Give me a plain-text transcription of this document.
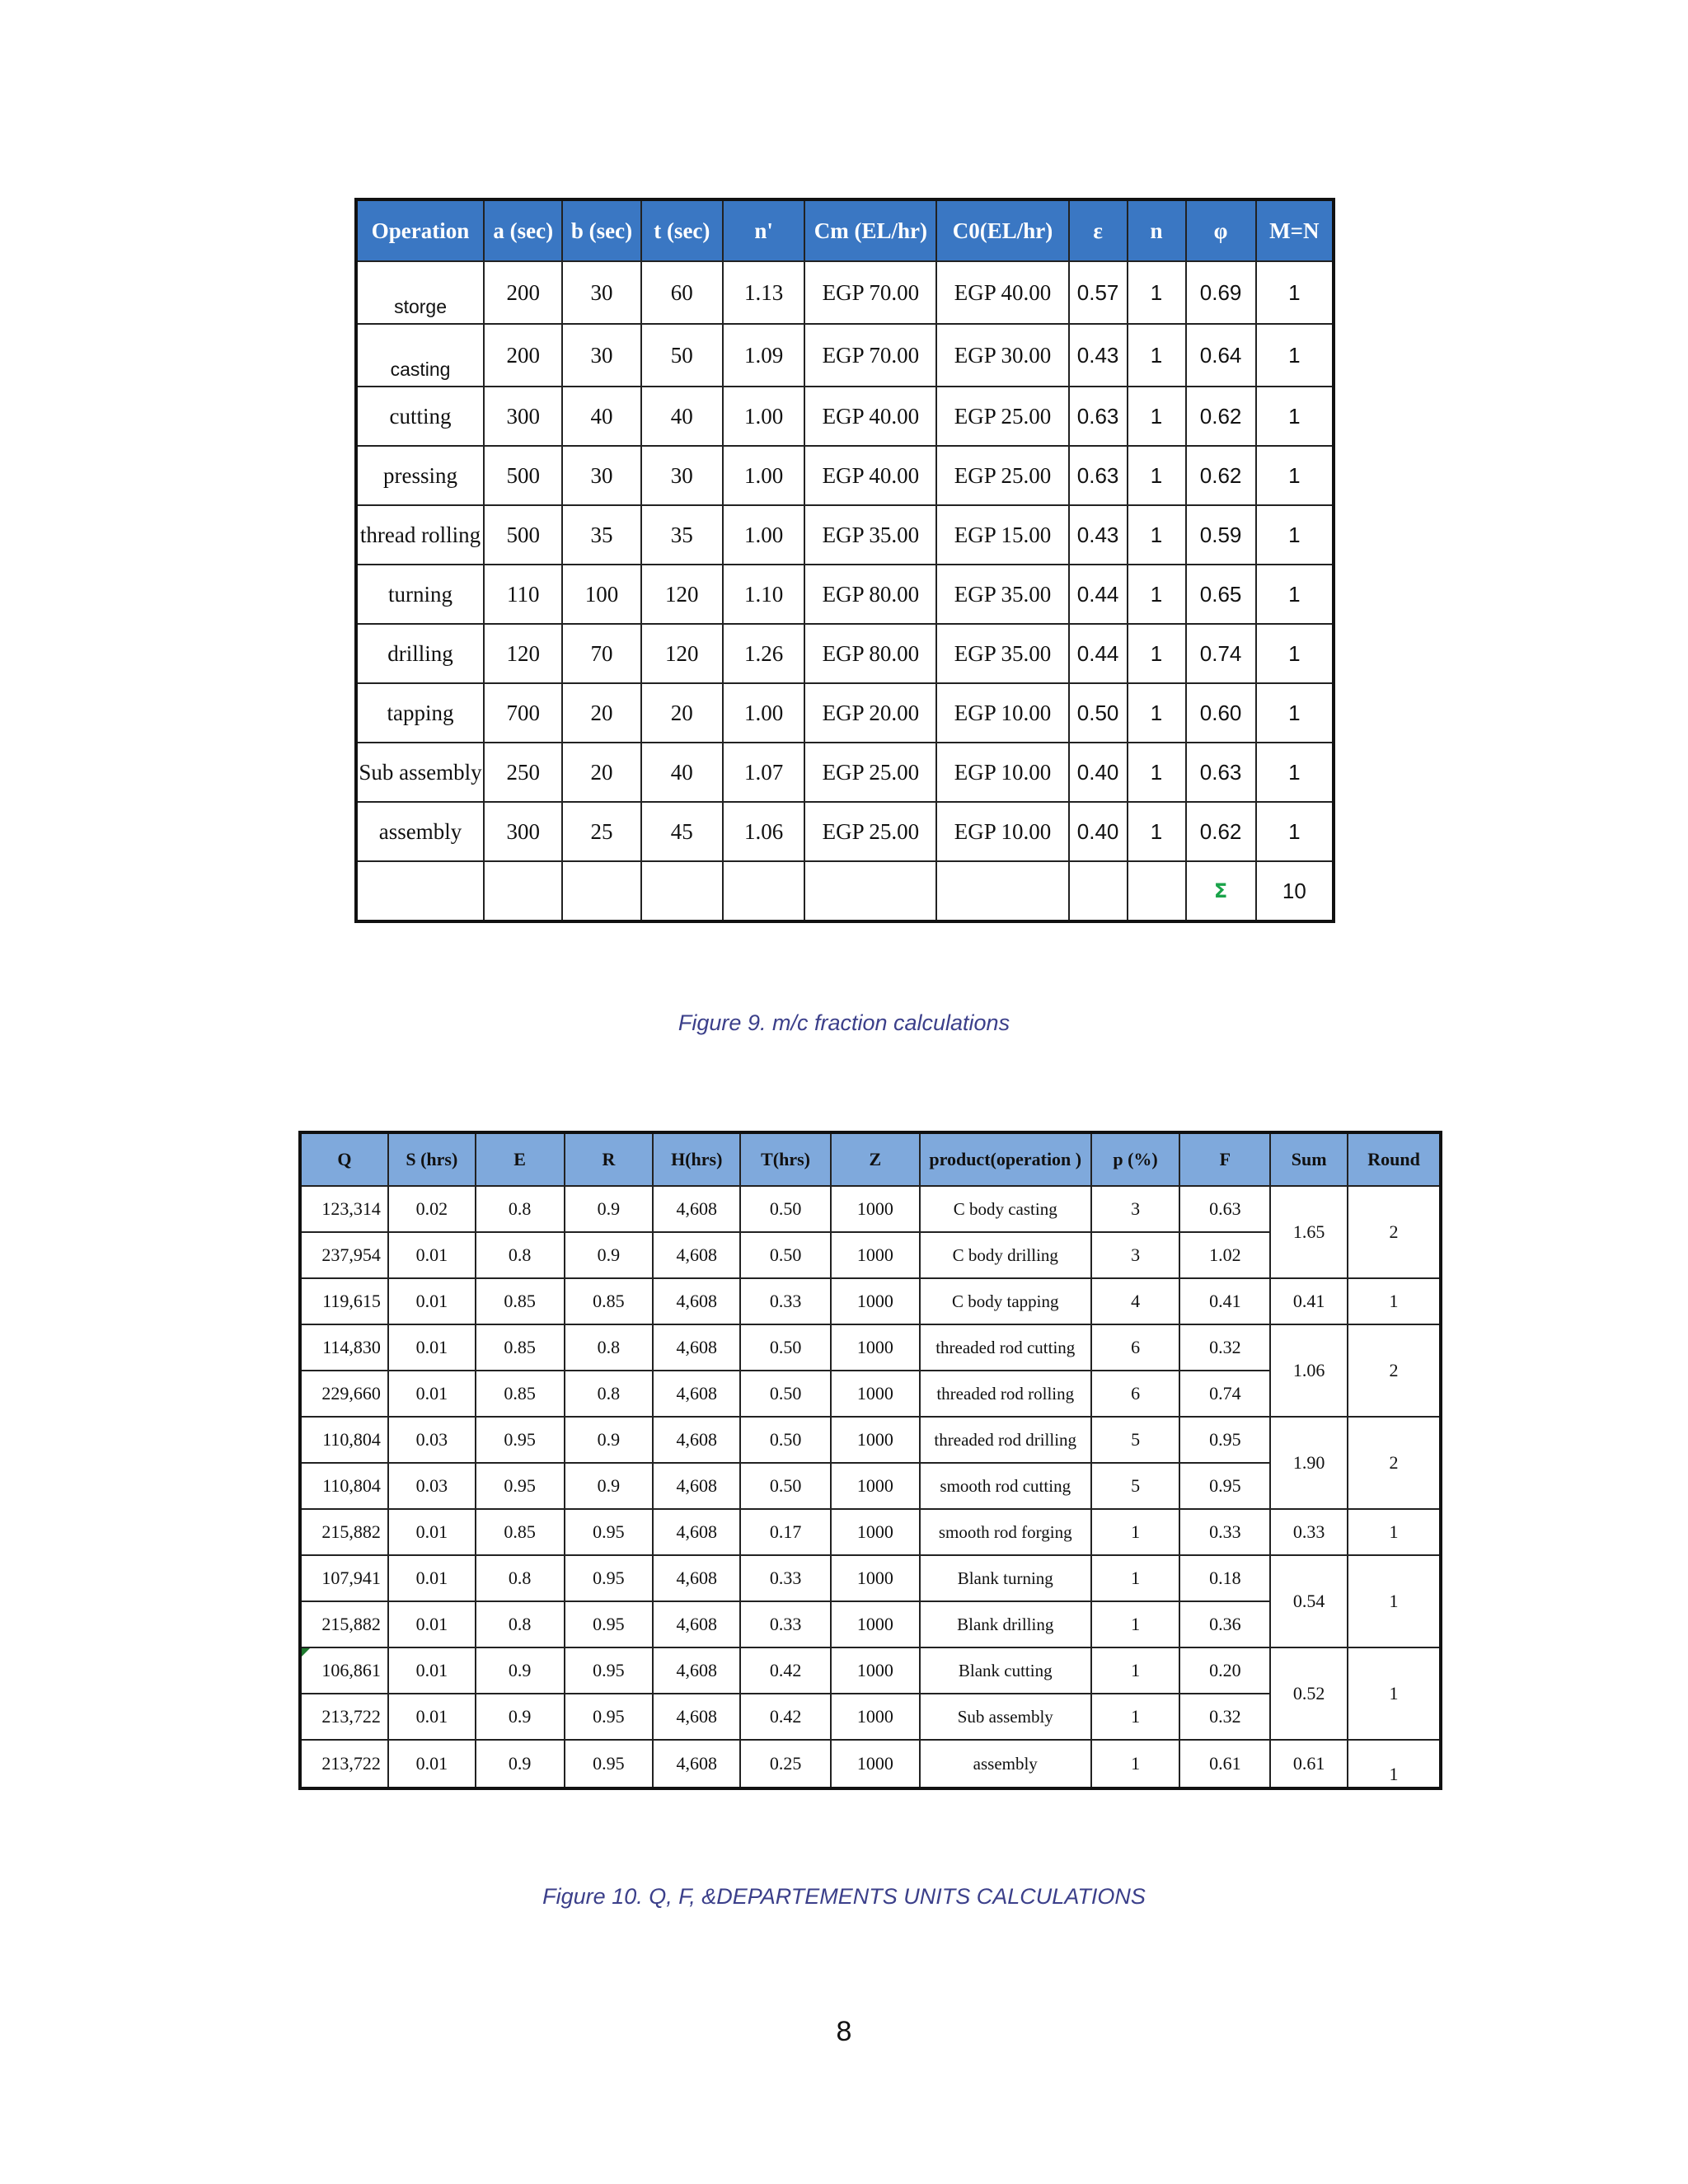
Operation	a (sec)	b (sec)	t (sec)	n'	Cm (EL/hr)	C0(EL/hr)	ε	n	φ	M=N
storge	200	30	60	1.13	EGP 70.00	EGP 40.00	0.57	1	0.69	1
casting	200	30	50	1.09	EGP 70.00	EGP 30.00	0.43	1	0.64	1
cutting	300	40	40	1.00	EGP 40.00	EGP 25.00	0.63	1	0.62	1
pressing	500	30	30	1.00	EGP 40.00	EGP 25.00	0.63	1	0.62	1
thread rolling	500	35	35	1.00	EGP 35.00	EGP 15.00	0.43	1	0.59	1
turning	110	100	120	1.10	EGP 80.00	EGP 35.00	0.44	1	0.65	1
drilling	120	70	120	1.26	EGP 80.00	EGP 35.00	0.44	1	0.74	1
tapping	700	20	20	1.00	EGP 20.00	EGP 10.00	0.50	1	0.60	1
Sub assembly	250	20	40	1.07	EGP 25.00	EGP 10.00	0.40	1	0.63	1
assembly	300	25	45	1.06	EGP 25.00	EGP 10.00	0.40	1	0.62	1
									Σ	10
Figure 9. m/c fraction calculations
Q	S (hrs)	E	R	H(hrs)	T(hrs)	Z	product(operation )	p (%)	F	Sum	Round
123,314	0.02	0.8	0.9	4,608	0.50	1000	C body casting	3	0.63	1.65	2
237,954	0.01	0.8	0.9	4,608	0.50	1000	C body drilling	3	1.02		
119,615	0.01	0.85	0.85	4,608	0.33	1000	C body tapping	4	0.41	0.41	1
114,830	0.01	0.85	0.8	4,608	0.50	1000	threaded rod cutting	6	0.32	1.06	2
229,660	0.01	0.85	0.8	4,608	0.50	1000	threaded rod rolling	6	0.74		
110,804	0.03	0.95	0.9	4,608	0.50	1000	threaded rod drilling	5	0.95	1.90	2
110,804	0.03	0.95	0.9	4,608	0.50	1000	smooth rod cutting	5	0.95		
215,882	0.01	0.85	0.95	4,608	0.17	1000	smooth rod forging	1	0.33	0.33	1
107,941	0.01	0.8	0.95	4,608	0.33	1000	Blank turning	1	0.18	0.54	1
215,882	0.01	0.8	0.95	4,608	0.33	1000	Blank drilling	1	0.36		
106,861	0.01	0.9	0.95	4,608	0.42	1000	Blank cutting	1	0.20	0.52	1
213,722	0.01	0.9	0.95	4,608	0.42	1000	Sub assembly	1	0.32		
213,722	0.01	0.9	0.95	4,608	0.25	1000	assembly	1	0.61	0.61	1
Figure 10. Q, F, &DEPARTEMENTS UNITS CALCULATIONS
8
